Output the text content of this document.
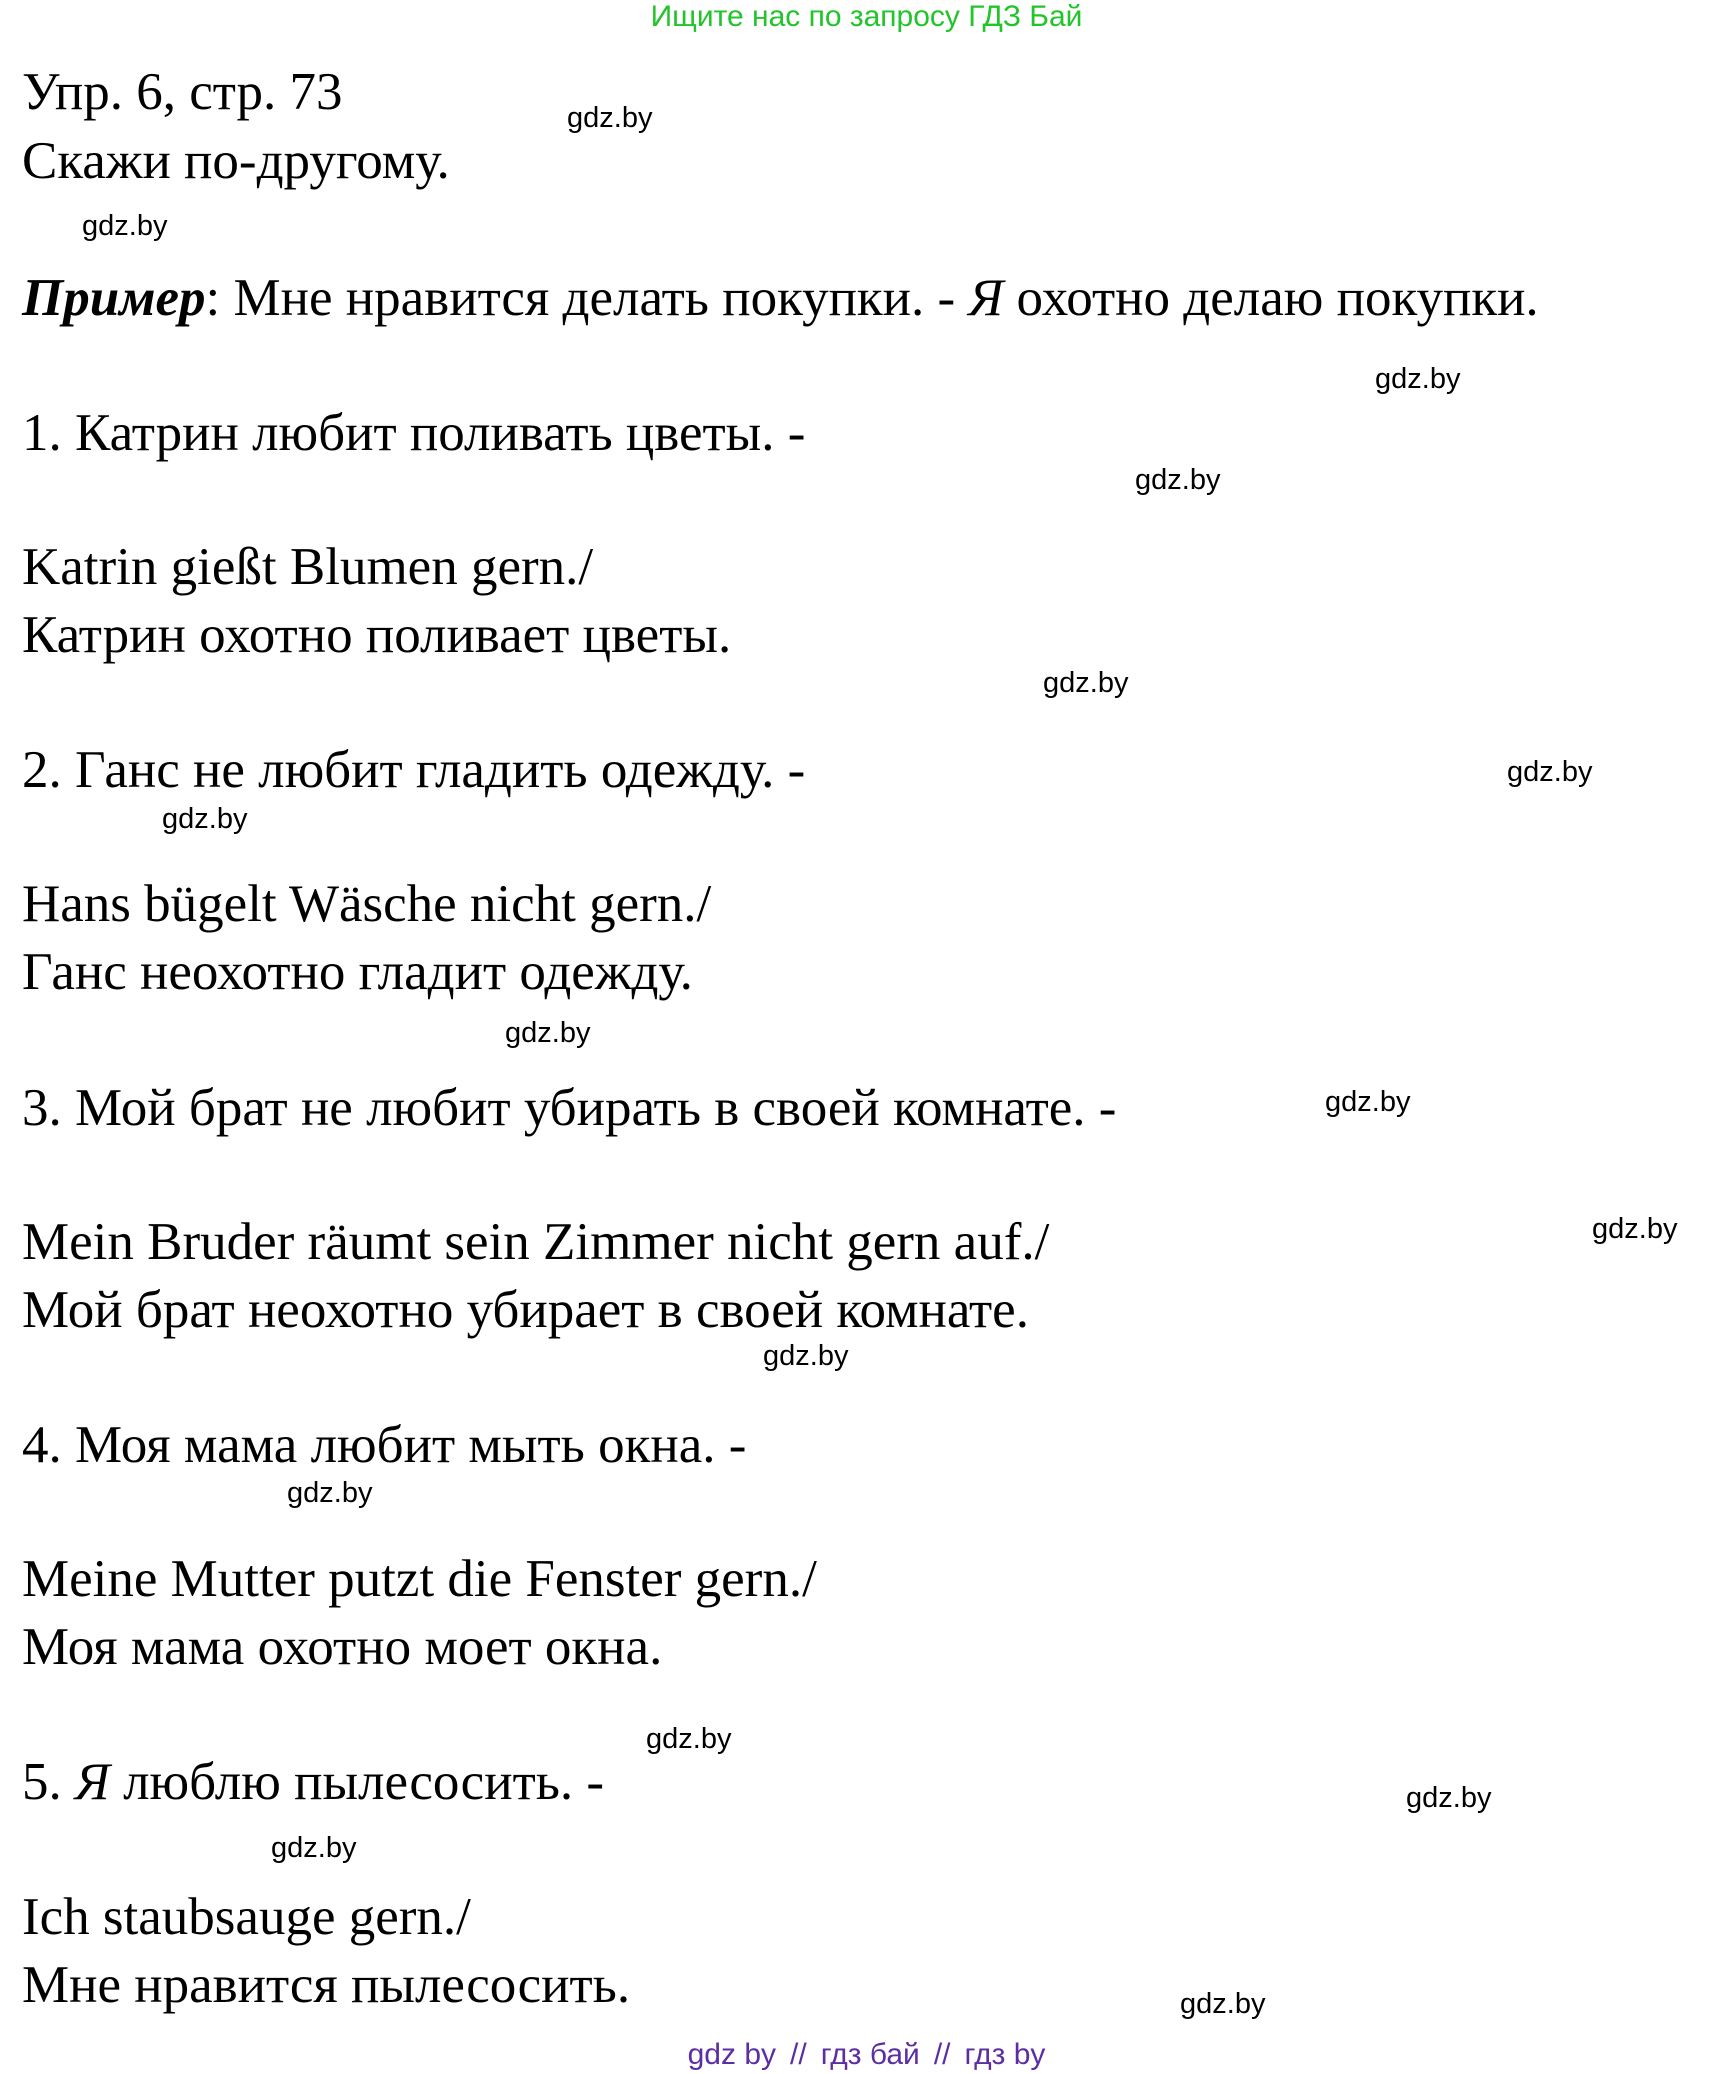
Ищите нас по запросу ГДЗ Бай
Упр. 6, стр. 73
Скажи по-другому.
Пример: Мне нравится делать покупки. - Я охотно делаю покупки.
1. Катрин любит поливать цветы. -
Katrin gießt Blumen gern./
Катрин охотно поливает цветы.
2. Ганс не любит гладить одежду. -
Hans bügelt Wäsche nicht gern./
Ганс неохотно гладит одежду.
3. Мой брат не любит убирать в своей комнате. -
Mein Bruder räumt sein Zimmer nicht gern auf./
Мой брат неохотно убирает в своей комнате.
4. Моя мама любит мыть окна. -
Meine Mutter putzt die Fenster gern./
Моя мама охотно моет окна.
5. Я люблю пылесосить. -
Ich staubsauge gern./
Мне нравится пылесосить.
gdz.by
gdz.by
gdz.by
gdz.by
gdz.by
gdz.by
gdz.by
gdz.by
gdz.by
gdz.by
gdz.by
gdz.by
gdz.by
gdz.by
gdz.by
gdz.by
gdz by // гдз бай // гдз by
